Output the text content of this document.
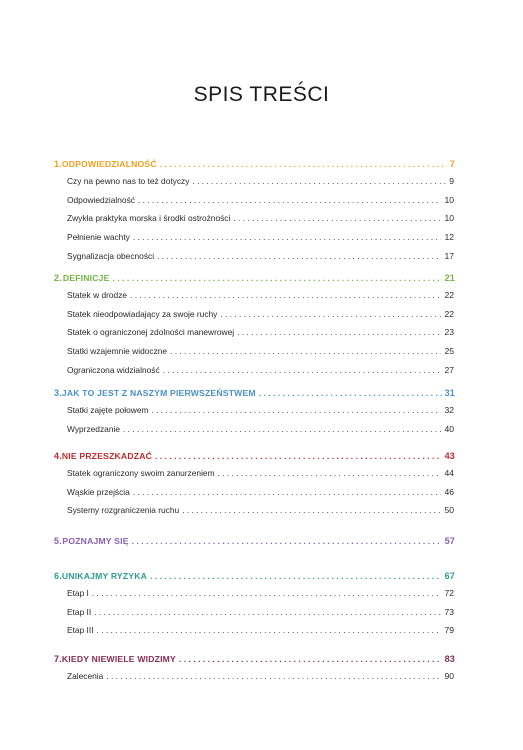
SPIS TREŚCI
1. ODPOWIEDZIALNOŚĆ . . .	7
Czy na pewno nas to też dotyczy . . .	9
Odpowiedzialność . . .	10
Zwykła praktyka morska i środki ostrożności . . .	10
Pełnienie wachty . . .	12
Sygnalizacja obecności . . .	17
2. DEFINICJE . . .	21
Statek w drodze . . .	22
Statek nieodpowiadający za swoje ruchy . . .	22
Statek o ograniczonej zdolności manewrowej . . .	23
Statki wzajemnie widoczne . . .	25
Ograniczona widzialność . . .	27
3. JAK TO JEST Z NASZYM PIERWSZEŃSTWEM . . .	31
Statki zajęte połowem . . .	32
Wyprzedzanie . . .	40
4. NIE PRZESZKADZAĆ . . .	43
Statek ograniczony swoim zanurzeniem . . .	44
Wąskie przejścia . . .	46
Systemy rozgraniczenia ruchu . . .	50
5. POZNAJMY SIĘ . . .	57
6. UNIKAJMY RYZYKA . . .	67
Etap I . . .	72
Etap II . . .	73
Etap III . . .	79
7. KIEDY NIEWIELE WIDZIMY . . .	83
Zalecenia . . .	90
